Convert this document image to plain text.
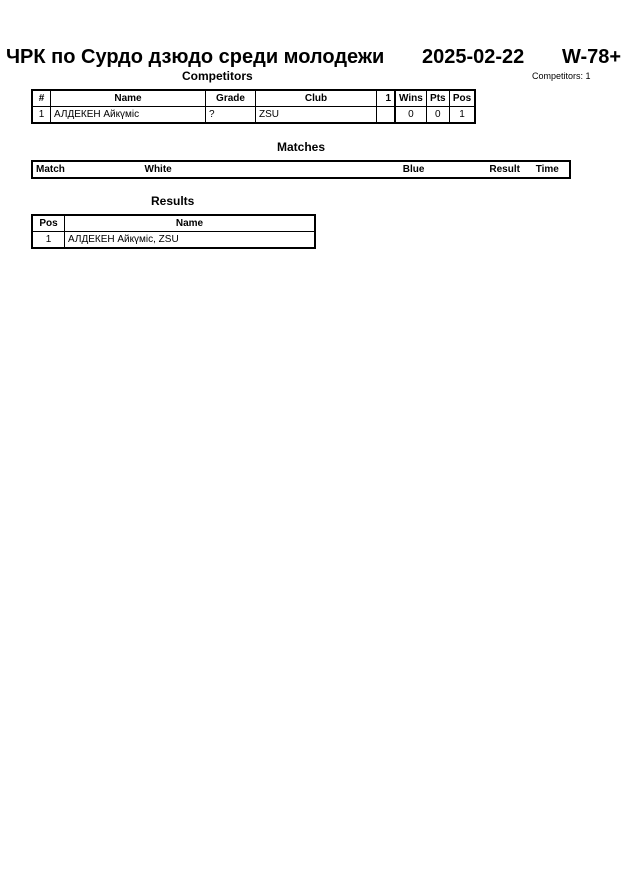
ЧРК по Сурдо дзюдо среди молодежи 2025-02-22 W-78+
Competitors	Competitors: 1
#	Name	Grade	Club	1	Wins	Pts	Pos
1	АЛДЕКЕН Айкүміс	?	ZSU		0	0	1
Matches
Match	White	Blue	Result	Time
Results
Pos	Name
1	АЛДЕКЕН Айкүміс, ZSU
